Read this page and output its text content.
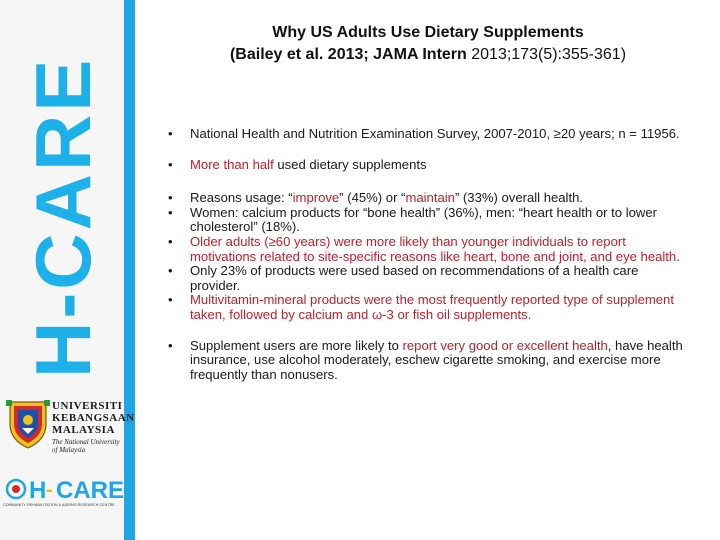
H-CARE
UNIVERSITI
KEBANGSAAN
MALAYSIA
The National University
of Malaysia
H - CARE
COMMUNITY REHABILITATION & AGEING RESEARCH CENTRE
Why US Adults Use Dietary Supplements
(Bailey et al. 2013; JAMA Intern 2013;173(5):355-361)
• National Health and Nutrition Examination Survey, 2007-2010, ≥20 years; n = 11956.
• More than half used dietary supplements
• Reasons usage: “improve” (45%) or “maintain” (33%) overall health.
• Women: calcium products for “bone health” (36%), men: “heart health or to lower cholesterol” (18%).
• Older adults (≥60 years) were more likely than younger individuals to report motivations related to site-specific reasons like heart, bone and joint, and eye health.
• Only 23% of products were used based on recommendations of a health care provider.
• Multivitamin-mineral products were the most frequently reported type of supplement taken, followed by calcium and ω-3 or fish oil supplements.
• Supplement users are more likely to report very good or excellent health, have health insurance, use alcohol moderately, eschew cigarette smoking, and exercise more frequently than nonusers.
